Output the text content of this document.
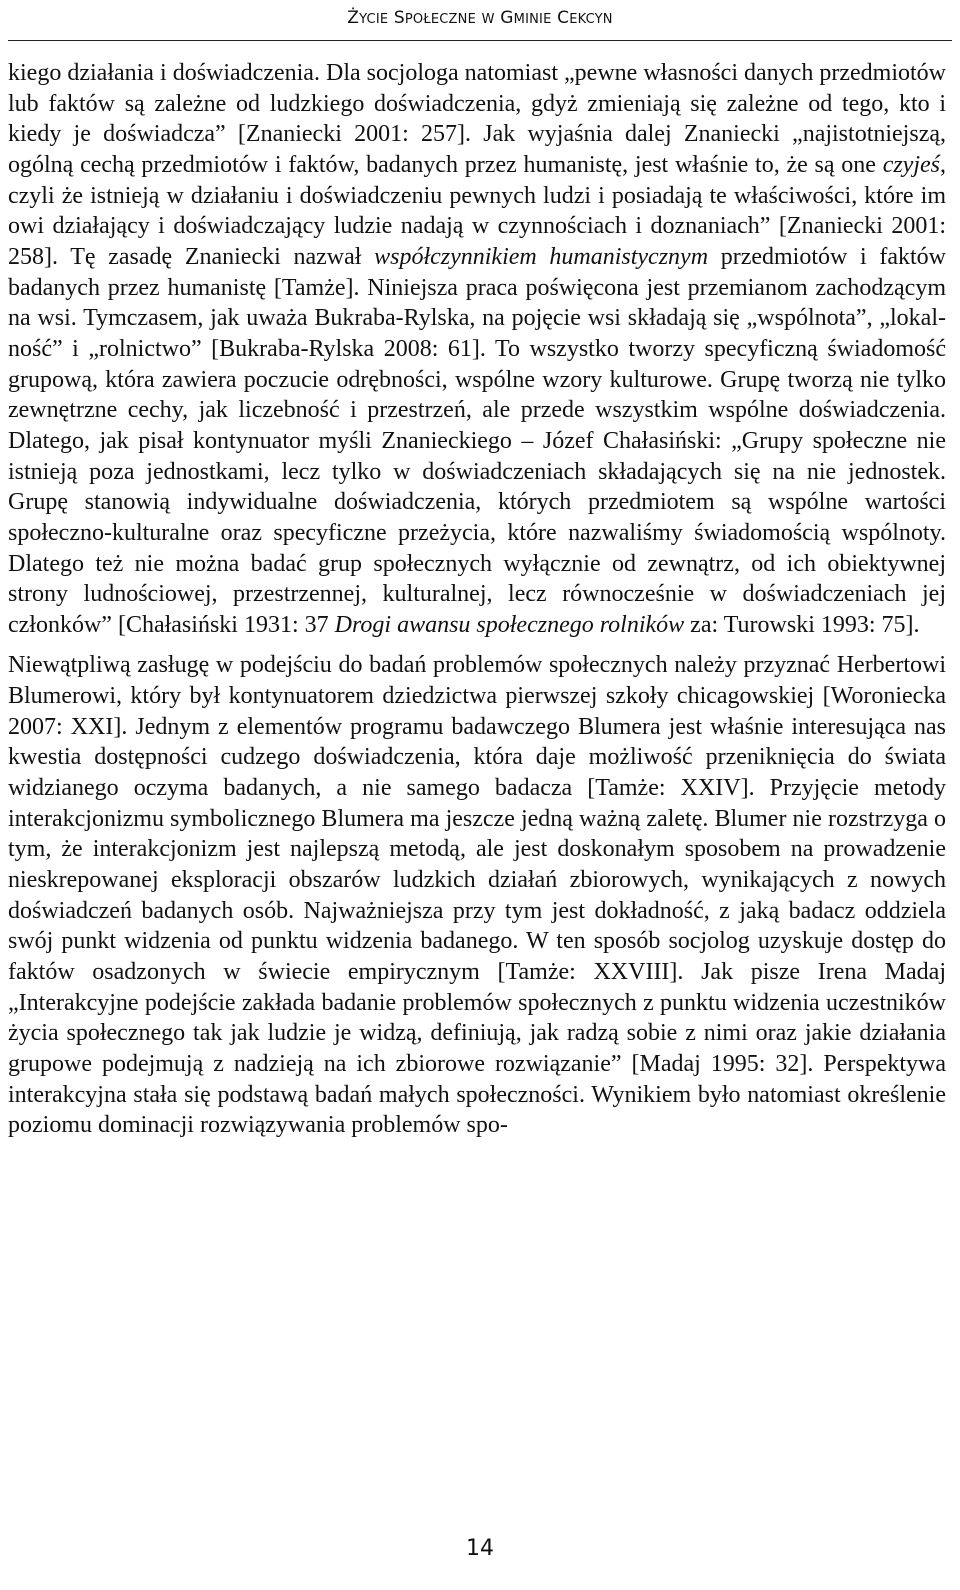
ŻYCIE SPOŁECZNE W GMINIE CEKCYN

kiego działania i doświadczenia. Dla socjologa natomiast „pewne własności danych przedmiotów lub faktów są zależne od ludzkiego doświadczenia, gdyż zmieniają się zależne od tego, kto i kiedy je doświadcza” [Znaniecki 2001: 257]. Jak wyjaśnia dalej Znaniecki „najistotniejszą, ogólną cechą przedmiotów i faktów, badanych przez humanistę, jest właśnie to, że są one czyjeś, czyli że istnieją w działaniu i doświadczeniu pewnych ludzi i posiadają te właściwości, które im owi działający i doświadczający ludzie nadają w czynnościach i doznaniach” [Znaniecki 2001: 258]. Tę zasadę Znaniecki nazwał współczynnikiem humanistycznym przedmiotów i faktów badanych przez humanistę [Tamże]. Niniejsza praca poświęcona jest przemianom zachodzącym na wsi. Tymczasem, jak uważa Bukraba-Rylska, na pojęcie wsi składają się „wspólnota”, „lokalność” i „rolnictwo” [Bukraba-Rylska 2008: 61]. To wszystko tworzy specyficzną świadomość grupową, która zawiera poczucie odrębności, wspólne wzory kulturowe. Grupę tworzą nie tylko zewnętrzne cechy, jak liczebność i przestrzeń, ale przede wszystkim wspólne doświadczenia. Dlatego, jak pisał kontynuator myśli Znanieckiego – Józef Chałasiński: „Grupy społeczne nie istnieją poza jednostkami, lecz tylko w doświadczeniach składających się na nie jednostek. Grupę stanowią indywidualne doświadczenia, których przedmiotem są wspólne wartości społeczno-kulturalne oraz specyficzne przeżycia, które nazwaliśmy świadomością wspólnoty. Dlatego też nie można badać grup społecznych wyłącznie od zewnątrz, od ich obiektywnej strony ludnościowej, przestrzennej, kulturalnej, lecz równocześnie w doświadczeniach jej członków” [Chałasiński 1931: 37 Drogi awansu społecznego rolników za: Turowski 1993: 75].

Niewątpliwą zasługę w podejściu do badań problemów społecznych należy przyznać Herbertowi Blumerowi, który był kontynuatorem dziedzictwa pierwszej szkoły chicagowskiej [Woroniecka 2007: XXI]. Jednym z elementów programu badawczego Blumera jest właśnie interesująca nas kwestia dostępności cudzego doświadczenia, która daje możliwość przeniknięcia do świata widzianego oczyma badanych, a nie samego badacza [Tamże: XXIV]. Przyjęcie metody interakcjonizmu symbolicznego Blumera ma jeszcze jedną ważną zaletę. Blumer nie rozstrzyga o tym, że interakcjonizm jest najlepszą metodą, ale jest doskonałym sposobem na prowadzenie nieskrepowanej eksploracji obszarów ludzkich działań zbiorowych, wynikających z nowych doświadczeń badanych osób. Najważniejsza przy tym jest dokładność, z jaką badacz oddziela swój punkt widzenia od punktu widzenia badanego. W ten sposób socjolog uzyskuje dostęp do faktów osadzonych w świecie empirycznym [Tamże: XXVIII]. Jak pisze Irena Madaj „Interakcyjne podejście zakłada badanie problemów społecznych z punktu widzenia uczestników życia społecznego tak jak ludzie je widzą, definiują, jak radzą sobie z nimi oraz jakie działania grupowe podejmują z nadzieją na ich zbiorowe rozwiązanie” [Madaj 1995: 32]. Perspektywa interakcyjna stała się podstawą badań małych społeczności. Wynikiem było natomiast określenie poziomu dominacji rozwiązywania problemów spo-

14
